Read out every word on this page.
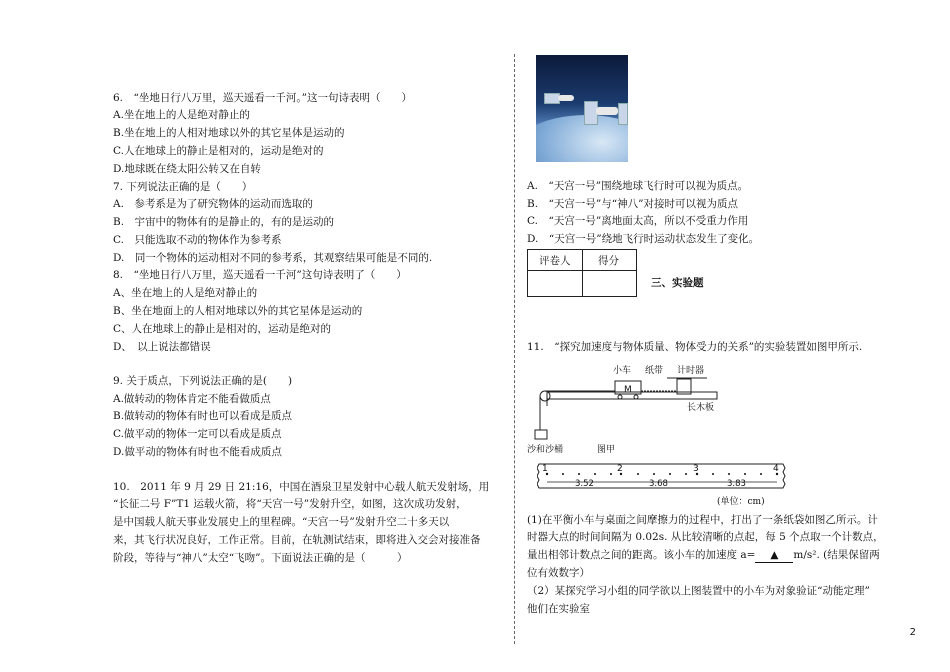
6.　“坐地日行八万里，巡天遥看一千河。”这一句诗表明（　　）
A.坐在地上的人是绝对静止的
B.坐在地上的人相对地球以外的其它星体是运动的
C.人在地球上的静止是相对的，运动是绝对的
D.地球既在绕太阳公转又在自转
7. 下列说法正确的是（　　）
A.　参考系是为了研究物体的运动而选取的
B.　宇宙中的物体有的是静止的，有的是运动的
C.　只能选取不动的物体作为参考系
D.　同一个物体的运动相对不同的参考系，其观察结果可能是不同的.
8.　“坐地日行八万里，巡天遥看一千河”这句诗表明了（　　）
A、坐在地上的人是绝对静止的
B、坐在地面上的人相对地球以外的其它星体是运动的
C、人在地球上的静止是相对的，运动是绝对的
D、　以上说法都错误
9. 关于质点，下列说法正确的是(　　)
A.做转动的物体肯定不能看做质点
B.做转动的物体有时也可以看成是质点
C.做平动的物体一定可以看成是质点
D.做平动的物体有时也不能看成质点
10.　2011 年 9 月 29 日 21:16，中国在酒泉卫星发射中心载人航天发射场，用
“长征二号 F”T1 运载火箭，将“天宫一号”发射升空，如图，这次成功发射，
是中国载人航天事业发展史上的里程碑。“天宫一号”发射升空二十多天以
来，其飞行状况良好，工作正常。目前，在轨测试结束，即将进入交会对接准备
阶段，等待与“神八”太空“飞吻”。下面说法正确的是（　　　）
A.　“天宫一号”围绕地球飞行时可以视为质点。
B.　“天宫一号”与“神八”对接时可以视为质点
C.　“天宫一号”离地面太高，所以不受重力作用
D.　“天宫一号”绕地飞行时运动状态发生了变化。
评卷人	得分
三、实验题
11.　“探究加速度与物体质量、物体受力的关系”的实验装置如图甲所示.
M
小车 纸带 计时器
长木板
沙和沙桶	图甲
1	2	3	4
3.52	3.68	3.83
(单位：cm)
(1)在平衡小车与桌面之间摩擦力的过程中，打出了一条纸袋如图乙所示。计
时器大点的时间间隔为 0.02s. 从比较清晰的点起，每 5 个点取一个计数点，
量出相邻计数点之间的距离。该小车的加速度 a= ▲ m/s². (结果保留两
位有效数字）
（2）某探究学习小组的同学欲以上图装置中的小车为对象验证“动能定理”
他们在实验室
2
